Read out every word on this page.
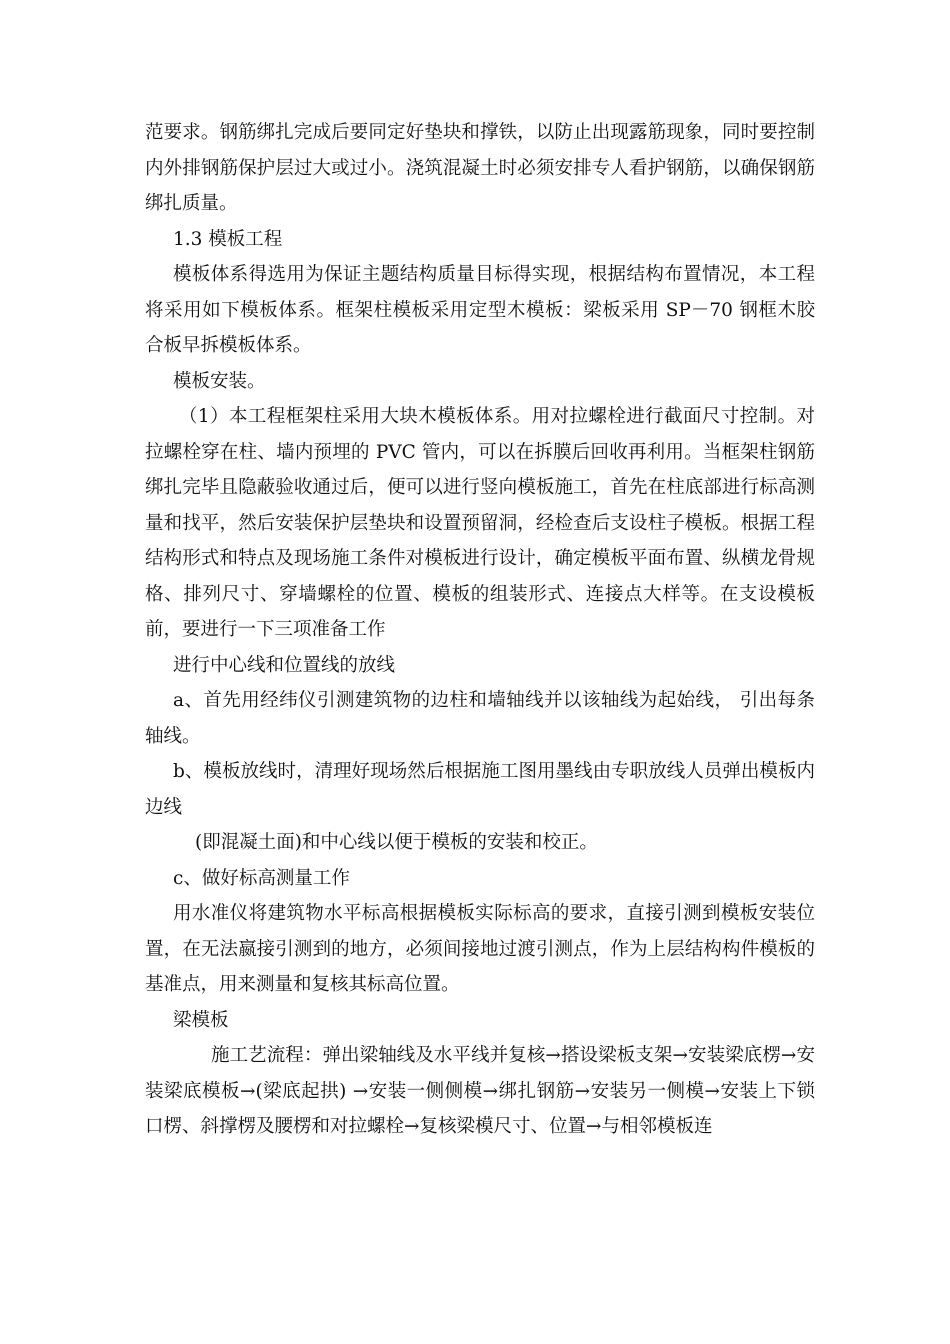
范要求。钢筋绑扎完成后要同定好垫块和撑铁，以防止出现露筋现象，同时要控制内外排钢筋保护层过大或过小。浇筑混凝土时必须安排专人看护钢筋，以确保钢筋绑扎质量。

1.3 模板工程

模板体系得选用为保证主题结构质量目标得实现，根据结构布置情况，本工程将采用如下模板体系。框架柱模板采用定型木模板：梁板采用 SP－70 钢框木胶合板早拆模板体系。

模板安装。

（1）本工程框架柱采用大块木模板体系。用对拉螺栓进行截面尺寸控制。对拉螺栓穿在柱、墙内预埋的 PVC 管内，可以在拆膜后回收再利用。当框架柱钢筋绑扎完毕且隐蔽验收通过后，便可以进行竖向模板施工，首先在柱底部进行标高测量和找平，然后安装保护层垫块和设置预留洞，经检查后支设柱子模板。根据工程结构形式和特点及现场施工条件对模板进行设计，确定模板平面布置、纵横龙骨规格、排列尺寸、穿墙螺栓的位置、模板的组装形式、连接点大样等。在支设模板前，要进行一下三项准备工作

进行中心线和位置线的放线

a、首先用经纬仪引测建筑物的边柱和墙轴线并以该轴线为起始线， 引出每条轴线。

b、模板放线时，清理好现场然后根据施工图用墨线由专职放线人员弹出模板内边线

(即混凝土面)和中心线以便于模板的安装和校正。

c、做好标高测量工作

用水准仪将建筑物水平标高根据模板实际标高的要求，直接引测到模板安装位置，在无法嬴接引测到的地方，必须间接地过渡引测点，作为上层结构构件模板的基准点，用来测量和复核其标高位置。

梁模板

施工艺流程：弹出梁轴线及水平线并复核→搭设梁板支架→安装梁底楞→安装梁底模板→(梁底起拱) →安装一侧侧模→绑扎钢筋→安装另一侧模→安装上下锁口楞、斜撑楞及腰楞和对拉螺栓→复核梁模尺寸、位置→与相邻模板连
